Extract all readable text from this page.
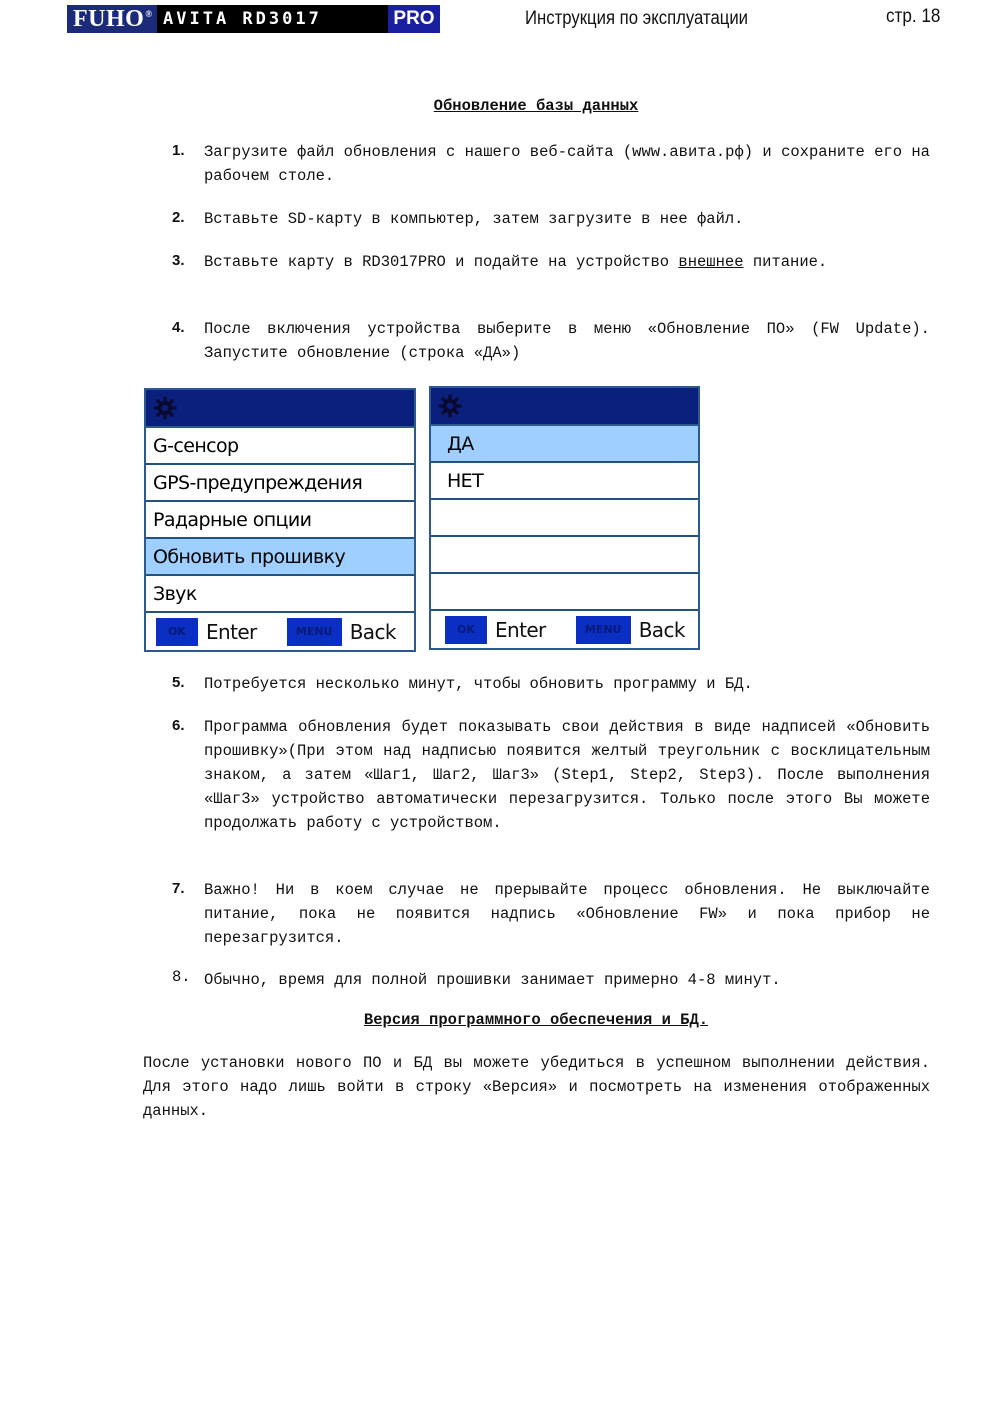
FUHO® AVITA RD3017	PRO	Инструкция по эксплуатации	стр. 18
Обновление базы данных
1.	Загрузите файл обновления с нашего веб-сайта (www.авита.рф) и сохраните его на рабочем столе.
2.	Вставьте SD-карту в компьютер, затем загрузите в нее файл.
3.	Вставьте карту в RD3017PRO и подайте на устройство внешнее питание.
4.	После включения устройства выберите в меню «Обновление ПО» (FW Update). Запустите обновление (строка «ДА»)
G-сенсор
GPS-предупреждения
Радарные опции
Обновить прошивку
Звук
OK	Enter	MENU Back
ДА
НЕТ
OK	Enter	MENU Back
5.	Потребуется несколько минут, чтобы обновить программу и БД.
6.	Программа обновления будет показывать свои действия в виде надписей «Обновить прошивку»(При этом над надписью появится желтый треугольник с восклицательным знаком, а затем «Шаг1, Шаг2, Шаг3» (Step1, Step2, Step3). После выполнения «Шаг3» устройство автоматически перезагрузится. Только после этого Вы можете продолжать работу с устройством.
7.	Важно! Ни в коем случае не прерывайте процесс обновления. Не выключайте питание, пока не появится надпись «Обновление FW» и пока прибор не перезагрузится.
8. Обычно, время для полной прошивки занимает примерно 4-8 минут.
Версия программного обеспечения и БД.
После установки нового ПО и БД вы можете убедиться в успешном выполнении действия. Для этого надо лишь войти в строку «Версия» и посмотреть на изменения отображенных данных.
